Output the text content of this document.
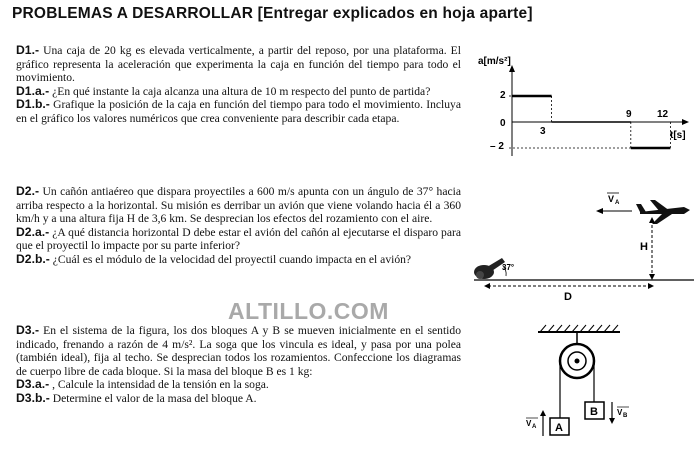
PROBLEMAS A DESARROLLAR [Entregar explicados en hoja aparte]

D1.- Una caja de 20 kg es elevada verticalmente, a partir del reposo, por una plataforma. El gráfico representa la aceleración que experimenta la caja en función del tiempo para todo el movimiento.

D1.a.- ¿En qué instante la caja alcanza una altura de 10 m respecto del punto de partida?

D1.b.- Grafique la posición de la caja en función del tiempo para todo el movimiento. Incluya en el gráfico los valores numéricos que crea conveniente para describir cada etapa.

D2.- Un cañón antiaéreo que dispara proyectiles a 600 m/s apunta con un ángulo de 37° hacia arriba respecto a la horizontal. Su misión es derribar un avión que viene volando hacia él a 360 km/h y a una altura fija H de 3,6 km. Se desprecian los efectos del rozamiento con el aire.

D2.a.- ¿A qué distancia horizontal D debe estar el avión del cañón al ejecutarse el disparo para que el proyectil lo impacte por su parte inferior?

D2.b.- ¿Cuál es el módulo de la velocidad del proyectil cuando impacta en el avión?

D3.- En el sistema de la figura, los dos bloques A y B se mueven inicialmente en el sentido indicado, frenando a razón de 4 m/s². La soga que los vincula es ideal, y pasa por una polea (también ideal), fija al techo. Se desprecian todos los rozamientos. Confeccione los diagramas de cuerpo libre de cada bloque. Si la masa del bloque B es 1 kg:

D3.a.- , Calcule la intensidad de la tensión en la soga.

D3.b.- Determine el valor de la masa del bloque A.

ALTILLO.COM
a[m/s²]
t[s]
2
0
– 2
3
9	12
V A
H
37°
D
A
B
V A
V B
